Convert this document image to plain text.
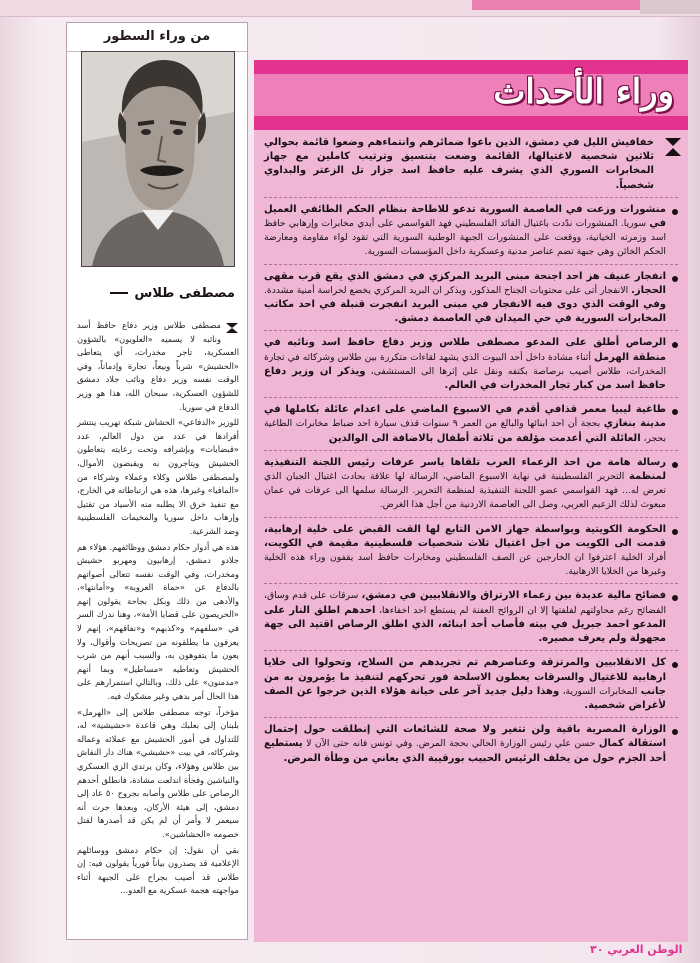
من وراء السطور
مصطفى طلاس

مصطفى طلاس وزير دفاع حافظ أسد ونائبه لا يسميه «العلويون» بالشؤون العسكرية، تاجر مخدرات، أي يتعاطى «الحشيش» شرباً وبيعاً، تجارة وإدماناً، وفي الوقت نفسه وزير دفاع ونائب جلاد دمشق للشؤون العسكرية، سبحان الله، هذا هو وزير الدفاع في سوريا.

للوزير «الدفاعي» الحشاش شبكة تهريب ينتشر أفرادها في عدد من دول العالم، عدد «قبضايات» وبإشرافه وتحت رعايته يتعاطون الحشيش ويتاجرون به ويقبضون الأموال، ولمصطفى طلاس وكلاء وعملاء وشركاء من «المافيا» وغيرها، هذه هي ارتباطاته في الخارج، مع تنفيذ خرق الا يطلبه منه الأسياد من تقتيل وإرهاب داخل سوريا والمخيمات الفلسطينية وضد الشرعية.

هذه هي أدوار حكام دمشق ووظائفهم. هؤلاء هم جلادو دمشق، إرهابيون ومهربو حشيش ومخدرات، وفي الوقت نفسه تتعالى أصواتهم بالدفاع عن «حماة العروبة» و«أمانتها»، والأدهى من ذلك وبكل بجاحة يقولون إنهم «الحريصون على قضايا الأمة»، وهنا ندرك السر في «سلفهم» و«كذبهم» و«نفاقهم»، إنهم لا يعرفون ما يطلقونه من تصريحات وأقوال، ولا يعون ما يتفوهون به، والسبب أنهم من شرب الحشيش وتعاطيه «مساطيل» وبما أنهم «مدمنون» على ذلك، وبالتالي استمرارهم على هذا الحال أمر بدهي وغير مشكوك فيه.

مؤخراً، توجه مصطفى طلاس إلى «الهرمل» بلبنان إلى بعلبك وهي قاعدة «حشيشية» له، للتداول في أمور الحشيش مع عملائه وعماله وشركائه، في بيت «حشيشي» هناك دار النقاش بين طلاس وهؤلاء، وكان يرتدي الزي العسكري والنياشين وفجأة اندلعت مشادة، فانطلق أحدهم الرصاص على طلاس وأصابه بجروح ٥٠ عاد إلى دمشق، إلى هيئة الأركان، وبعدها جرت أنه سيعمر لا وأمر أن لم يكن قد أصدرها لقتل خصومه «الحشاشين».

بقي أن نقول: إن حكام دمشق ووسائلهم الإعلامية قد يصدرون بياناً فورياً يقولون فيه: إن طلاس قد أصيب بجراح على الجبهة أثناء مواجهته هجمة عسكرية مع العدو...

وراء الأحداث
خفافيش الليل في دمشق، الذين باعوا ضمائرهم وانتماءهم وضعوا قائمة بحوالي ثلاثين شخصية لاغتيالها، القائمة وضعت بتنسيق وترتيب كاملين مع جهاز المخابرات السوري الذي يشرف عليه حافظ اسد جزار تل الزعتر والبداوي شخصياً.
منشورات وزعت في العاصمة السورية تدعو للاطاحة بنظام الحكم الطائفي العميل في سوريا. المنشورات ندّدت باغتيال القائد الفلسطيني فهد القواسمي على أيدي مخابرات وإرهابي حافظ اسد وزمرته الخيانية، ووقعت على المنشورات الجبهة الوطنية السورية التي تقود لواء مقاومة ومعارضة الحكم الخائن وهي جبهة تضم عناصر مدنية وعسكرية داخل المؤسسات السورية.
انفجار عنيف هز احد اجنحة مبنى البريد المركزي في دمشق الذي يقع قرب مقهى الحجاز. الانفجار أتى على محتويات الجناح المذكور، ويذكر ان البريد المركزي يخضع لحراسة أمنية مشددة. وفي الوقت الذي دوى فيه الانفجار في مبنى البريد انفجرت قنبلة في احد مكاتب المخابرات السورية في حي الميدان في العاصمة دمشق.
الرصاص أطلق على المدعو مصطفى طلاس وزير دفاع حافظ اسد ونائبه في منطقة الهرمل أثناء مشادة داخل أحد البيوت الذي يشهد لقاءات متكررة بين طلاس وشركائه في تجارة المخدرات، طلاس أصيب برصاصة بكتفه ونقل على إثرها الى المستشفى، ويذكر ان وزير دفاع حافظ اسد من كبار تجار المخدرات في العالم.
طاغية ليبيا معمر قذافي أقدم في الاسبوع الماضي على اعدام عائلة بكاملها في مدينة بنغازي بحجة أن احد ابنائها والبالغ من العمر ٩ سنوات قذف سيارة احد ضباط مخابرات الطاغية بحجر، العائلة التي أعدمت مؤلفة من ثلاثة أطفال بالاضافة الى الوالدين
رسالة هامة من احد الزعماء العرب تلقاها ياسر عرفات رئيس اللجنة التنفيذية لمنظمة التحرير الفلسطينية في نهاية الاسبوع الماضي، الرسالة لها علاقة بحادث اغتيال الجبان الذي تعرض له... فهد القواسمي عضو اللجنة التنفيذية لمنظمة التحرير. الرسالة سلمها الى عرفات في عمان مبعوث لذلك الزعيم العربي، وصل الى العاصمة الاردنية من أجل هذا الغرض.
الحكومة الكويتية وبواسطة جهاز الامن التابع لها القت القبض على خلية إرهابية، قدمت الى الكويت من اجل اغتيال ثلاث شخصيات فلسطينية مقيمة في الكويت، أفراد الخلية اعترفوا ان الخارجين عن الصف الفلسطيني ومخابرات حافظ اسد يقفون وراء هذه الخلية وغيرها من الخلايا الارهابية.
فضائح مالية عديدة بين زعماء الارتزاق والانقلابيين في دمشق، سرقات على قدم وساق، الفضائح رغم محاولتهم لفلفتها إلا ان الروائح العفنة لم يستطع احد اخفاءها، احدهم اطلق النار على المدعو احمد جبريل في بيته فأصاب أحد ابنائه، الذي اطلق الرصاص اقتيد الى جهة مجهولة ولم يعرف مصيره.
كل الانقلابيين والمرتزقة وعناصرهم تم تجريدهم من السلاح، وتحولوا الى خلايا ارهابية للاغتيال والسرقات يعطون الاسلحة فور تحركهم لتنفيذ ما يؤمرون به من جانب المخابرات السورية، وهذا دليل جديد آخر على خيانة هؤلاء الذين خرجوا عن الصف لأغراض شخصية.
الوزارة المصرية باقية ولن تتغير ولا صحة للشائعات التي إنطلقت حول إحتمال استقالة كمال حسن علي رئيس الوزارة الحالي بحجة المرض. وفي تونس فانه حتى الآن لا يستطيع أحد الجزم حول من يخلف الرئيس الحبيب بورقيبة الذي يعاني من وطأة المرض.
الوطن العربي ٣٠
